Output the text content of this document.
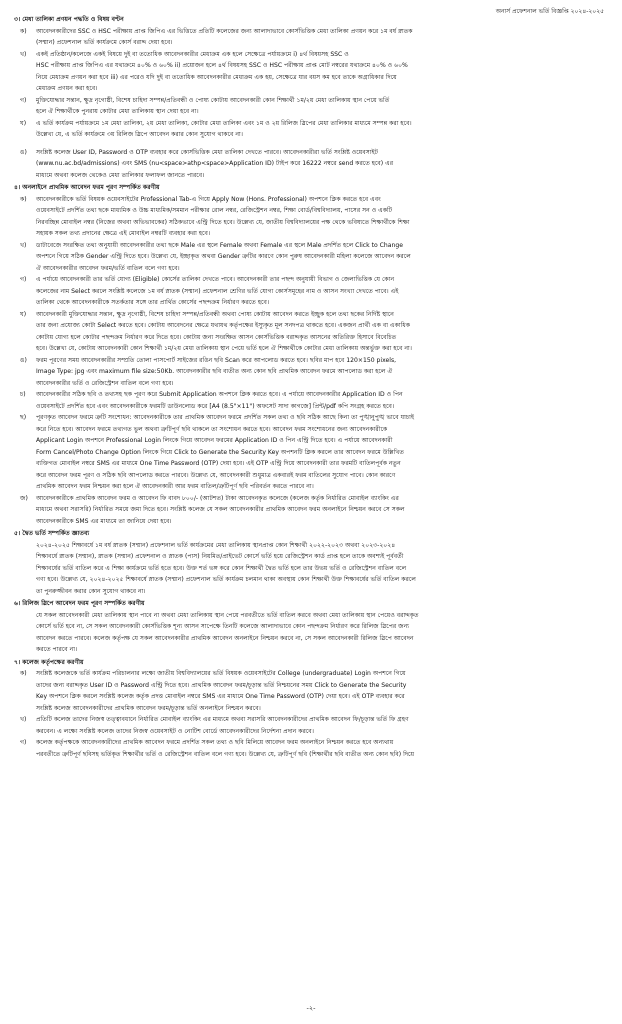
অনার্স প্রফেশনাল ভর্তি বিজ্ঞপ্তি ২০২৪-২০২৫
৩। মেধা তালিকা প্রণয়ন পদ্ধতি ও বিষয় বণ্টন
ক) আবেদনকারীদের SSC ও HSC পরীক্ষায় প্রাপ্ত জিপিএ এর ভিত্তিতে প্রতিটি কলেজের জন্য আলাদাভাবে কোর্সভিত্তিক মেধা তালিকা প্রণয়ন করে ১ম বর্ষ স্নাতক
(সম্মান) প্রফেশনাল ভর্তি কার্যক্রমে কোর্স বরাদ্দ দেয়া হবে।
খ) একই প্রতিষ্ঠান/কলেজে একই বিষয়ে দুই বা ততোধিক আবেদনকারীর মেধাক্রম এক হলে সেক্ষেত্রে পর্যায়ক্রমে i) ৪র্থ বিষয়সহ SSC ও
HSC পরীক্ষায় প্রাপ্ত জিপিএ এর যথাক্রমে ৪০% ও ৬০% ii) প্রয়োজন হলে ৪র্থ বিষয়সহ SSC ও HSC পরীক্ষায় প্রাপ্ত মোট নম্বরের যথাক্রমে ৪০% ও ৬০%
নিয়ে মেধাক্রম প্রণয়ন করা হবে iii) এর পরেও যদি দুই বা ততোধিক আবেদনকারীর মেধাক্রম এক হয়, সেক্ষেত্রে যার বয়স কম হবে তাকে অগ্রাধিকার দিয়ে
মেধাক্রম প্রণয়ন করা হবে।
গ) মুক্তিযোদ্ধার সন্তান, ক্ষুদ্র নৃগোষ্ঠী, বিশেষ চাহিদা সম্পন্ন/প্রতিবন্ধী ও পোষ্য কোটায় আবেদনকারী কোন শিক্ষার্থী ১ম/২য় মেধা তালিকায় স্থান পেয়ে ভর্তি
হলে ঐ শিক্ষার্থীকে পুনরায় কোটার মেধা তালিকায় স্থান দেয়া হবে না।
ঘ) এ ভর্তি কার্যক্রম পর্যায়ক্রমে ১ম মেধা তালিকা, ২য় মেধা তালিকা, কোটার মেধা তালিকা এবং ১ম ও ২য় রিলিজ স্লিপের মেধা তালিকার মাধ্যমে সম্পন্ন করা হবে।
উল্লেখ্য যে, এ ভর্তি কার্যক্রমে ৩য় রিলিজ স্লিপে আবেদন করার কোন সুযোগ থাকবে না।
ঙ) সংশ্লিষ্ট কলেজ User ID, Password ও OTP ব্যবহার করে কোর্সভিত্তিক মেধা তালিকা দেখতে পারবে। আবেদনকারীরা ভর্তি সংশ্লিষ্ট ওয়েবসাইট
(www.nu.ac.bd/admissions) এবং SMS (nu<space>athp<space>Application ID) টাইপ করে 16222 নম্বরে send করতে হবে) এর
মাধ্যমে অথবা কলেজ থেকেও মেধা তালিকার ফলাফল জানতে পারবে।
৪। অনলাইনে প্রাথমিক আবেদন ফরম পূরণ সম্পর্কিত করণীয়
ক) আবেদনকারীকে ভর্তি বিষয়ক ওয়েবসাইটের Professional Tab-এ গিয়ে Apply Now (Hons. Professional) অপশনে ক্লিক করতে হবে এবং
ওয়েবসাইটে প্রদর্শিত তথ্য ছকে মাধ্যমিক ও উচ্চ মাধ্যমিক/সমমান পরীক্ষার রোল নম্বর, রেজিস্ট্রেশন নম্বর, শিক্ষা বোর্ড/বিশ্ববিদ্যালয়, পাসের সন ও একটি
নিরবচ্ছিন্ন মোবাইল নম্বর (নিজের অথবা অভিভাবকের) সঠিকভাবে এন্ট্রি দিতে হবে। উল্লেখ্য যে, জাতীয় বিশ্ববিদ্যালয়ের পক্ষ থেকে ভবিষ্যতে শিক্ষার্থীকে শিক্ষা
সহায়ক সকল তথ্য প্রদানের ক্ষেত্রে এই মোবাইল নম্বরটি ব্যবহার করা হবে।
খ) ডাটাবেজে সংরক্ষিত তথ্য অনুযায়ী আবেদনকারীর তথ্য ছকে Male এর স্থলে Female অথবা Female এর স্থলে Male প্রদর্শিত হলে Click to Change
অপশনে গিয়ে সঠিক Gender এন্ট্রি দিতে হবে। উল্লেখ্য যে, ইচ্ছাকৃত অথবা Gender ত্রুটির কারণে কোন পুরুষ আবেদনকারী মহিলা কলেজে আবেদন করলে
ঐ আবেদনকারীর আবেদন ফরম/ভর্তি বাতিল বলে গণ্য হবে।
গ) এ পর্যায়ে আবেদনকারী তার ভর্তি যোগ্য (Eligible) কোর্সের তালিকা দেখতে পাবে। আবেদনকারী তার পছন্দ অনুযায়ী বিভাগ ও জেলাভিত্তিক যে কোন
কলেজের নাম Select করলে সংশ্লিষ্ট কলেজে ১ম বর্ষ স্নাতক (সম্মান) প্রফেশনাল শ্রেণির ভর্তি যোগ্য কোর্সসমূহের নাম ও আসন সংখ্যা দেখতে পাবে। এই
তালিকা থেকে আবেদনকারীকে সতর্কতার সঙ্গে তার প্রার্থিত কোর্সের পছন্দক্রম নির্ধারণ করতে হবে।
ঘ) আবেদনকারী মুক্তিযোদ্ধার সন্তান, ক্ষুদ্র নৃগোষ্ঠী, বিশেষ চাহিদা সম্পন্ন/প্রতিবন্ধী অথবা পোষ্য কোটায় আবেদন করতে ইচ্ছুক হলে তথ্য ছকের নির্দিষ্ট স্থানে
তার জন্য প্রযোজ্য কোটা Select করতে হবে। কোটায় আবেদনের ক্ষেত্রে যথাযথ কর্তৃপক্ষের ইস্যুকৃত মূল সনদপত্র থাকতে হবে। একজন প্রার্থী এক বা একাধিক
কোটায় যোগ্য হলে কোটার পছন্দক্রম নির্ধারণ করে দিতে হবে। কোটায় জন্য সংরক্ষিত আসন কোর্সভিত্তিক বরাদ্দকৃত আসনের অতিরিক্ত হিসাবে বিবেচিত
হবে। উল্লেখ্য যে, কোটায় আবেদনকারী কোন শিক্ষার্থী ১ম/২য় মেধা তালিকায় স্থান পেয়ে ভর্তি হলে ঐ শিক্ষার্থীকে কোটার মেধা তালিকায় অন্তর্ভুক্ত করা হবে না।
ঙ) ফরম পূরণের সময় আবেদনকারীর সম্প্রতি তোলা পাসপোর্ট সাইজের রঙিন ছবি Scan করে আপলোড করতে হবে। ছবির মাপ হবে 120×150 pixels,
Image Type: jpg এবং maximum file size:50Kb. আবেদনকারীর ছবি ব্যতীত অন্য কোন ছবি প্রাথমিক আবেদন ফরমে আপলোড করা হলে ঐ
আবেদনকারীর ভর্তি ও রেজিস্ট্রেশন বাতিল বলে গণ্য হবে।
চ) আবেদনকারীর সঠিক ছবি ও তথ্যসহ ছক পূরণ করে Submit Application অপশনে ক্লিক করতে হবে। এ পর্যায়ে আবেদনকারীর Application ID ও পিন
ওয়েবসাইটে প্রদর্শিত হবে এবং আবেদনকারীকে ফরমটি ডাউনলোড করে [A4 (8.5"×11") অফসেট সাদা কাগজে] প্রিন্ট/pdf কপি সংগ্রহ করতে হবে।
ছ) পূরণকৃত আবেদন ফরমে ত্রুটি সংশোধন: আবেদনকারীকে তার প্রাথমিক আবেদন ফরমে প্রদর্শিত সকল তথ্য ও ছবি সঠিক আছে কিনা তা পুঙ্খানুপুঙ্খ ভাবে যাচাই
করে নিতে হবে। আবেদন ফরমে তথ্যগত ভুল অথবা ত্রুটিপূর্ণ ছবি থাকলে তা সংশোধন করতে হবে। আবেদন ফরম সংশোধনের জন্য আবেদনকারীকে
Applicant Login অপশনে Professional Login লিংকে গিয়ে আবেদন ফরমের Application ID ও পিন এন্ট্রি দিতে হবে। এ পর্যায়ে আবেদনকারী
Form Cancel/Photo Change Option লিংকে গিয়ে Click to Generate the Security Key অপশনটি ক্লিক করলে তার আবেদন ফরমে উল্লিখিত
ব্যক্তিগত মোবাইল নম্বরে SMS এর মাধ্যমে One Time Password (OTP) দেয়া হবে। এই OTP এন্ট্রি দিয়ে আবেদনকারী তার ফরমটি বাতিলপূর্বক নতুন
করে আবেদন ফরম পূরণ ও সঠিক ছবি আপলোড করতে পারবে। উল্লেখ্য যে, আবেদনকারী শুধুমাত্র একবারই ফরম বাতিলের সুযোগ পাবে। কোন কারণে
প্রাথমিক আবেদন ফরম নিশ্চয়ন করা হলে ঐ আবেদনকারী আর ফরম বাতিল/ত্রুটিপূর্ণ ছবি পরিবর্তন করতে পারবে না।
জ) আবেদনকারীকে প্রাথমিক আবেদন ফরম ও আবেদন ফি বাবদ ৮০০/- (আটশত) টাকা আবেদনকৃত কলেজে (কলেজ কর্তৃক নির্ধারিত মোবাইল ব্যাংকিং এর
মাধ্যমে অথবা সরাসরি) নির্ধারিত সময়ে জমা দিতে হবে। সংশ্লিষ্ট কলেজ যে সকল আবেদনকারীর প্রাথমিক আবেদন ফরম অনলাইনে নিশ্চয়ন করবে সে সকল
আবেদনকারীকে SMS এর মাধ্যমে তা জানিয়ে দেয়া হবে।
৫। দ্বৈত ভর্তি সম্পর্কিত জ্ঞাতব্য
২০২৪-২০২৫ শিক্ষাবর্ষে ১ম বর্ষ স্নাতক (সম্মান) প্রফেশনাল ভর্তি কার্যক্রমের মেধা তালিকায় স্থানপ্রাপ্ত কোন শিক্ষার্থী ২০২২-২০২৩ অথবা ২০২৩-২০২৪
শিক্ষাবর্ষে স্নাতক (সম্মান), স্নাতক (সম্মান) প্রফেশনাল ও স্নাতক (পাস) নিয়মিত/প্রাইভেট কোর্সে ভর্তি হয়ে রেজিস্ট্রেশন কার্ড প্রাপ্ত হলে তাকে অবশ্যই পূর্ববর্তী
শিক্ষাবর্ষের ভর্তি বাতিল করে এ শিক্ষা কার্যক্রমে ভর্তি হতে হবে। উক্ত শর্ত ভঙ্গ করে কোন শিক্ষার্থী দ্বৈত ভর্তি হলে তার উভয় ভর্তি ও রেজিস্ট্রেশন বাতিল বলে
গণ্য হবে। উল্লেখ্য যে, ২০২৪-২০২৫ শিক্ষাবর্ষে স্নাতক (সম্মান) প্রফেশনাল ভর্তি কার্যক্রম চলমান থাকা অবস্থায় কোন শিক্ষার্থী উক্ত শিক্ষাবর্ষের ভর্তি বাতিল করলে
তা পুনরুজ্জীবন করার কোন সুযোগ থাকবে না।
৬। রিলিজ স্লিপে আবেদন ফরম পূরণ সম্পর্কিত করণীয়
যে সকল আবেদনকারী মেধা তালিকায় স্থান পাবে না অথবা মেধা তালিকায় স্থান পেয়ে পরবর্তীতে ভর্তি বাতিল করবে অথবা মেধা তালিকায় স্থান পেয়েও বরাদ্দকৃত
কোর্সে ভর্তি হবে না, সে সকল আবেদনকারী কোর্সভিত্তিক শূন্য আসন সাপেক্ষে তিনটি কলেজে আলাদাভাবে কোন পছন্দক্রম নির্ধারণ করে রিলিজ স্লিপের জন্য
আবেদন করতে পারবে। কলেজ কর্তৃপক্ষ যে সকল আবেদনকারীর প্রাথমিক আবেদন অনলাইনে নিশ্চয়ন করবে না, সে সকল আবেদনকারী রিলিজ স্লিপে আবেদন
করতে পারবে না।
৭। কলেজ কর্তৃপক্ষের করণীয়
ক) সংশ্লিষ্ট কলেজকে ভর্তি কার্যক্রম পরিচালনার লক্ষ্যে জাতীয় বিশ্ববিদ্যালয়ের ভর্তি বিষয়ক ওয়েবসাইটের College (undergraduate) Login অপশনে গিয়ে
তাদের জন্য বরাদ্দকৃত User ID ও Password এন্ট্রি দিতে হবে। প্রাথমিক আবেদন ফরম/চূড়ান্ত ভর্তি নিশ্চয়নের সময় Click to Generate the Security
Key অপশনে ক্লিক করলে সংশ্লিষ্ট কলেজ কর্তৃক প্রদত্ত মোবাইল নম্বরে SMS এর মাধ্যমে One Time Password (OTP) দেয়া হবে। এই OTP ব্যবহার করে
সংশ্লিষ্ট কলেজ আবেদনকারীদের প্রাথমিক আবেদন ফরম/চূড়ান্ত ভর্তি অনলাইনে নিশ্চয়ন করবে।
খ) প্রতিটি কলেজ তাদের নিজস্ব তত্ত্বাবধানে নির্ধারিত মোবাইল ব্যাংকিং এর মাধ্যমে অথবা সরাসরি আবেদনকারীদের প্রাথমিক আবেদন ফি/চূড়ান্ত ভর্তি ফি গ্রহণ
করবেন। এ লক্ষ্যে সংশ্লিষ্ট কলেজ তাদের নিজস্ব ওয়েবসাইট ও নোটিশ বোর্ডে আবেদনকারীদের নির্দেশনা প্রদান করবে।
গ) কলেজ কর্তৃপক্ষকে আবেদনকারীদের প্রাথমিক আবেদন ফরমে প্রদর্শিত সকল তথ্য ও ছবি মিলিয়ে আবেদন ফরম অনলাইনে নিশ্চয়ন করতে হবে অন্যথায়
পরবর্তীতে ত্রুটিপূর্ণ ছবিসহ ভর্তিকৃত শিক্ষার্থীর ভর্তি ও রেজিস্ট্রেশন বাতিল বলে গণ্য হবে। উল্লেখ্য যে, ত্রুটিপূর্ণ ছবি (শিক্ষার্থীর ছবি ব্যতীত অন্য কোন ছবি) দিয়ে
-২-
